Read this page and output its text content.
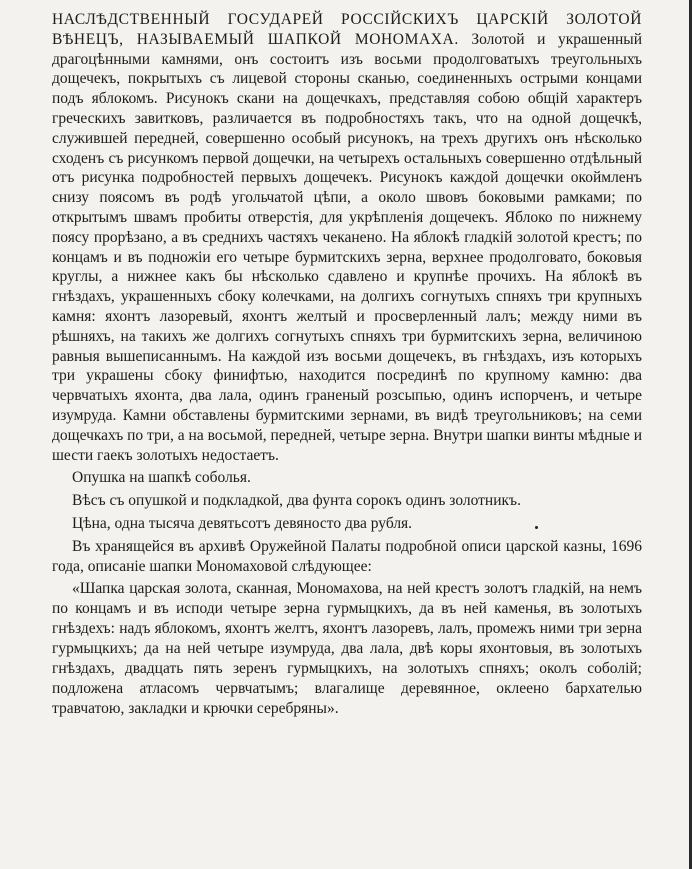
НАСЛѢДСТВЕННЫЙ ГОСУДАРЕЙ РОССІЙСКИХЪ ЦАРСКІЙ ЗОЛОТОЙ ВѢНЕЦЪ, НАЗЫВАЕМЫЙ ШАПКОЙ МОНОМАХА. Золотой и украшенный драгоцѣнными камнями, онъ состоитъ изъ восьми продолговатыхъ треугольныхъ дощечекъ, покрытыхъ съ лицевой стороны сканью, соединенныхъ острыми концами подъ яблокомъ. Рисунокъ скани на дощечкахъ, представляя собою общій характеръ греческихъ завитковъ, различается въ подробностяхъ такъ, что на одной дощечкѣ, служившей передней, совершенно особый рисунокъ, на трехъ другихъ онъ нѣсколько сходенъ съ рисункомъ первой дощечки, на четырехъ остальныхъ совершенно отдѣльный отъ рисунка подробностей первыхъ дощечекъ. Рисунокъ каждой дощечки окоймленъ снизу поясомъ въ родѣ угольчатой цѣпи, а около швовъ боковыми рамками; по открытымъ швамъ пробиты отверстія, для укрѣпленія дощечекъ. Яблоко по нижнему поясу прорѣзано, а въ среднихъ частяхъ чеканено. На яблокѣ гладкій золотой крестъ; по концамъ и въ подножіи его четыре бурмитскихъ зерна, верхнее продолговато, боковыя круглы, а нижнее какъ бы нѣсколько сдавлено и крупнѣе прочихъ. На яблокѣ въ гнѣздахъ, украшенныхъ сбоку колечками, на долгихъ согнутыхъ спняхъ три крупныхъ камня: яхонтъ лазоревый, яхонтъ желтый и просверленный лалъ; между ними въ рѣшняхъ, на такихъ же долгихъ согнутыхъ спняхъ три бурмитскихъ зерна, величиною равныя вышеписаннымъ. На каждой изъ восьми дощечекъ, въ гнѣздахъ, изъ которыхъ три украшены сбоку финифтью, находится посрединѣ по крупному камню: два червчатыхъ яхонта, два лала, одинъ граненый розсыпью, одинъ испорченъ, и четыре изумруда. Камни обставлены бурмитскими зернами, въ видѣ треугольниковъ; на семи дощечкахъ по три, а на восьмой, передней, четыре зерна. Внутри шапки винты мѣдные и шести гаекъ золотыхъ недостаетъ.

Опушка на шапкѣ соболья.

Вѣсъ съ опушкой и подкладкой, два фунта сорокъ одинъ золотникъ.

Цѣна, одна тысяча девятьсотъ девяносто два рубля.

Въ хранящейся въ архивѣ Оружейной Палаты подробной описи царской казны, 1696 года, описаніе шапки Мономаховой слѣдующее:

«Шапка царская золота, сканная, Мономахова, на ней крестъ золотъ гладкій, на немъ по концамъ и въ исподи четыре зерна гурмыцкихъ, да въ ней каменья, въ золотыхъ гнѣздехъ: надъ яблокомъ, яхонтъ желтъ, яхонтъ лазоревъ, лалъ, промежъ ними три зерна гурмыцкихъ; да на ней четыре изумруда, два лала, двѣ коры яхонтовыя, въ золотыхъ гнѣздахъ, двадцать пять зеренъ гурмыцкихъ, на золотыхъ спняхъ; околъ соболій; подложена атласомъ червчатымъ; влагалище деревянное, оклеено бархателью травчатою, закладки и крючки серебряны».
